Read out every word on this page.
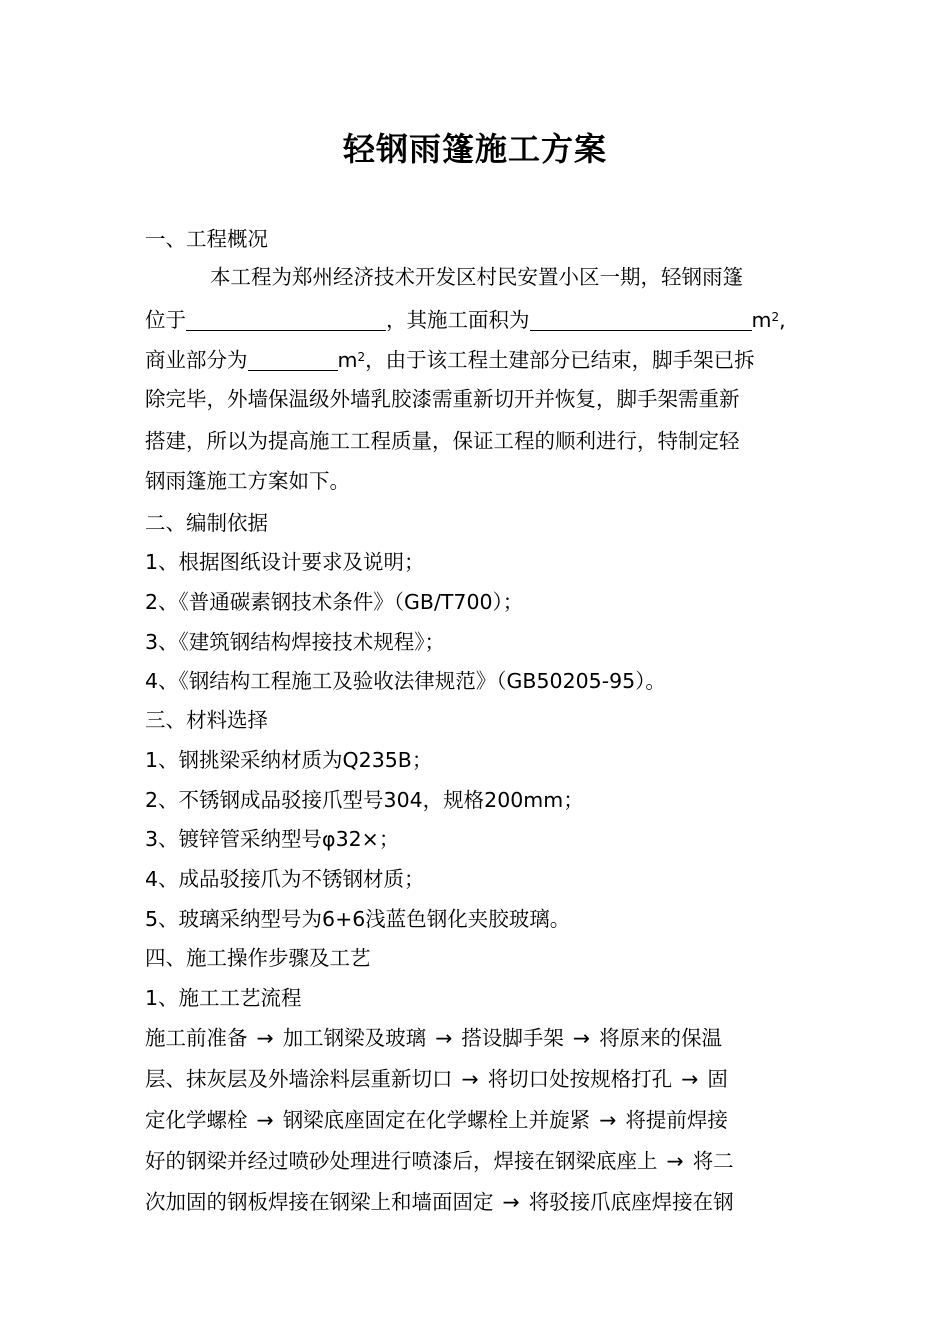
轻钢雨篷施工方案
一、工程概况
本工程为郑州经济技术开发区村民安置小区一期，轻钢雨篷
位于	，其施工面积为	$m^2$,
商业部分为	$m^2$，由于该工程土建部分已结束，脚手架已拆
除完毕，外墙保温级外墙乳胶漆需重新切开并恢复，脚手架需重新
搭建，所以为提高施工工程质量，保证工程的顺利进行，特制定轻
钢雨篷施工方案如下。
二、编制依据
1、根据图纸设计要求及说明；
2、《普通碳素钢技术条件》（GB/T700）；
3、《建筑钢结构焊接技术规程》；
4、《钢结构工程施工及验收法律规范》（GB50205-95）。
三、材料选择
1、钢挑梁采纳材质为Q235B；
2、不锈钢成品驳接爪型号304，规格200mm；
3、镀锌管采纳型号φ32×；
4、成品驳接爪为不锈钢材质；
5、玻璃采纳型号为6+6浅蓝色钢化夹胶玻璃。
四、施工操作步骤及工艺
1、施工工艺流程
施工前准备 → 加工钢梁及玻璃 → 搭设脚手架 → 将原来的保温
层、抹灰层及外墙涂料层重新切口 → 将切口处按规格打孔 → 固
定化学螺栓 → 钢梁底座固定在化学螺栓上并旋紧 → 将提前焊接
好的钢梁并经过喷砂处理进行喷漆后，焊接在钢梁底座上 → 将二
次加固的钢板焊接在钢梁上和墙面固定 → 将驳接爪底座焊接在钢
